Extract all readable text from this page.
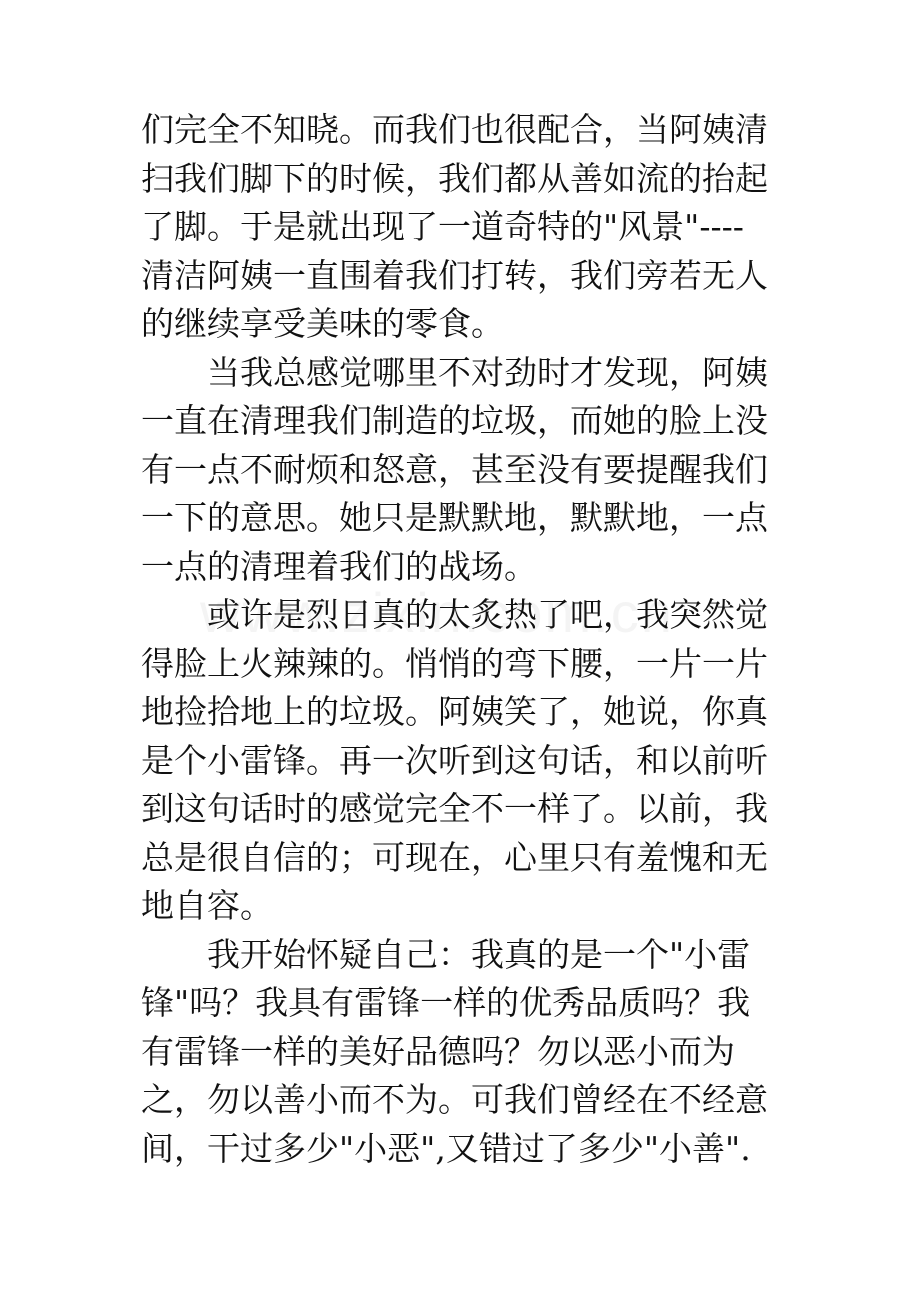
们完全不知晓。而我们也很配合，当阿姨清
扫我们脚下的时候，我们都从善如流的抬起
了脚。于是就出现了一道奇特的"风景"----
清洁阿姨一直围着我们打转，我们旁若无人
的继续享受美味的零食。
　　当我总感觉哪里不对劲时才发现，阿姨
一直在清理我们制造的垃圾，而她的脸上没
有一点不耐烦和怒意，甚至没有要提醒我们
一下的意思。她只是默默地，默默地，一点
一点的清理着我们的战场。
　　或许是烈日真的太炙热了吧，我突然觉
得脸上火辣辣的。悄悄的弯下腰，一片一片
地捡拾地上的垃圾。阿姨笑了，她说，你真
是个小雷锋。再一次听到这句话，和以前听
到这句话时的感觉完全不一样了。以前，我
总是很自信的；可现在，心里只有羞愧和无
地自容。
　　我开始怀疑自己：我真的是一个"小雷
锋"吗？我具有雷锋一样的优秀品质吗？我
有雷锋一样的美好品德吗？勿以恶小而为
之，勿以善小而不为。可我们曾经在不经意
间，干过多少"小恶",又错过了多少"小善".
